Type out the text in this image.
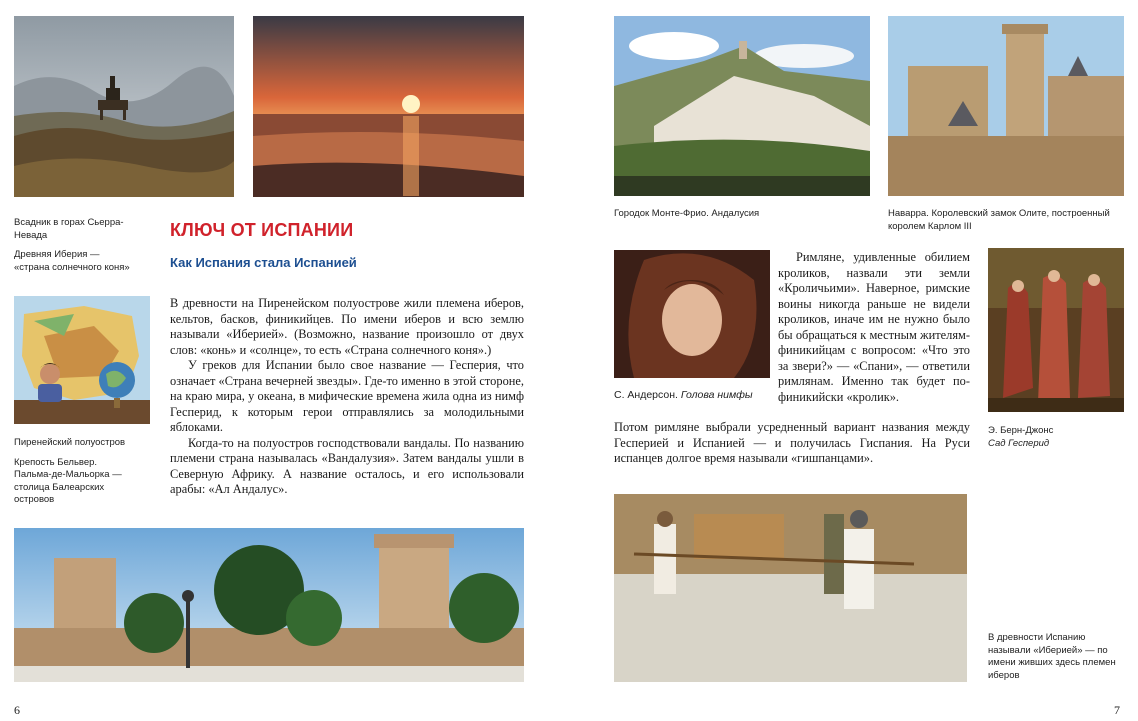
Всадник в горах Сьерра-Невада

Древняя Иберия — «страна солнечного коня»

КЛЮЧ ОТ ИСПАНИИ
Как Испания стала Испанией

Пиренейский полуостров

Крепость Бельвер. Пальма-де-Мальорка — столица Балеарских островов

В древности на Пиренейском полуострове жили племена иберов, кельтов, басков, финикийцев. По имени иберов и всю землю называли «Иберией». (Возможно, название произошло от двух слов: «конь» и «солнце», то есть «Страна солнечного коня».)

У греков для Испании было свое название — Гесперия, что означает «Страна вечерней звезды». Где-то именно в этой стороне, на краю мира, у океана, в мифические времена жила одна из нимф Гесперид, к которым герои отправлялись за молодильными яблоками.

Когда-то на полуостров господствовали вандалы. По названию племени страна называлась «Вандалузия». Затем вандалы ушли в Северную Африку. А название осталось, и его использовали арабы: «Ал Андалус».

6
Городок Монте-Фрио. Андалусия	Наварра. Королевский замок Олите, построенный королем Карлом III
С. Андерсон. Голова нимфы

Римляне, удивленные обилием кроликов, назвали эти земли «Кроличьими». Наверное, римские воины никогда раньше не видели кроликов, иначе им не нужно было бы обращаться к местным жителям-финикийцам с вопросом: «Что это за звери?» — «Спани», — ответили римлянам. Именно так будет по-финикийски «кролик».

Потом римляне выбрали усредненный вариант названия между Гесперией и Испанией — и получилась Гиспания. На Руси испанцев долгое время называли «гишпанцами».

Э. Берн-Джонс
Сад Гесперид
В древности Испанию называли «Иберией» — по имени живших здесь племен иберов
7
